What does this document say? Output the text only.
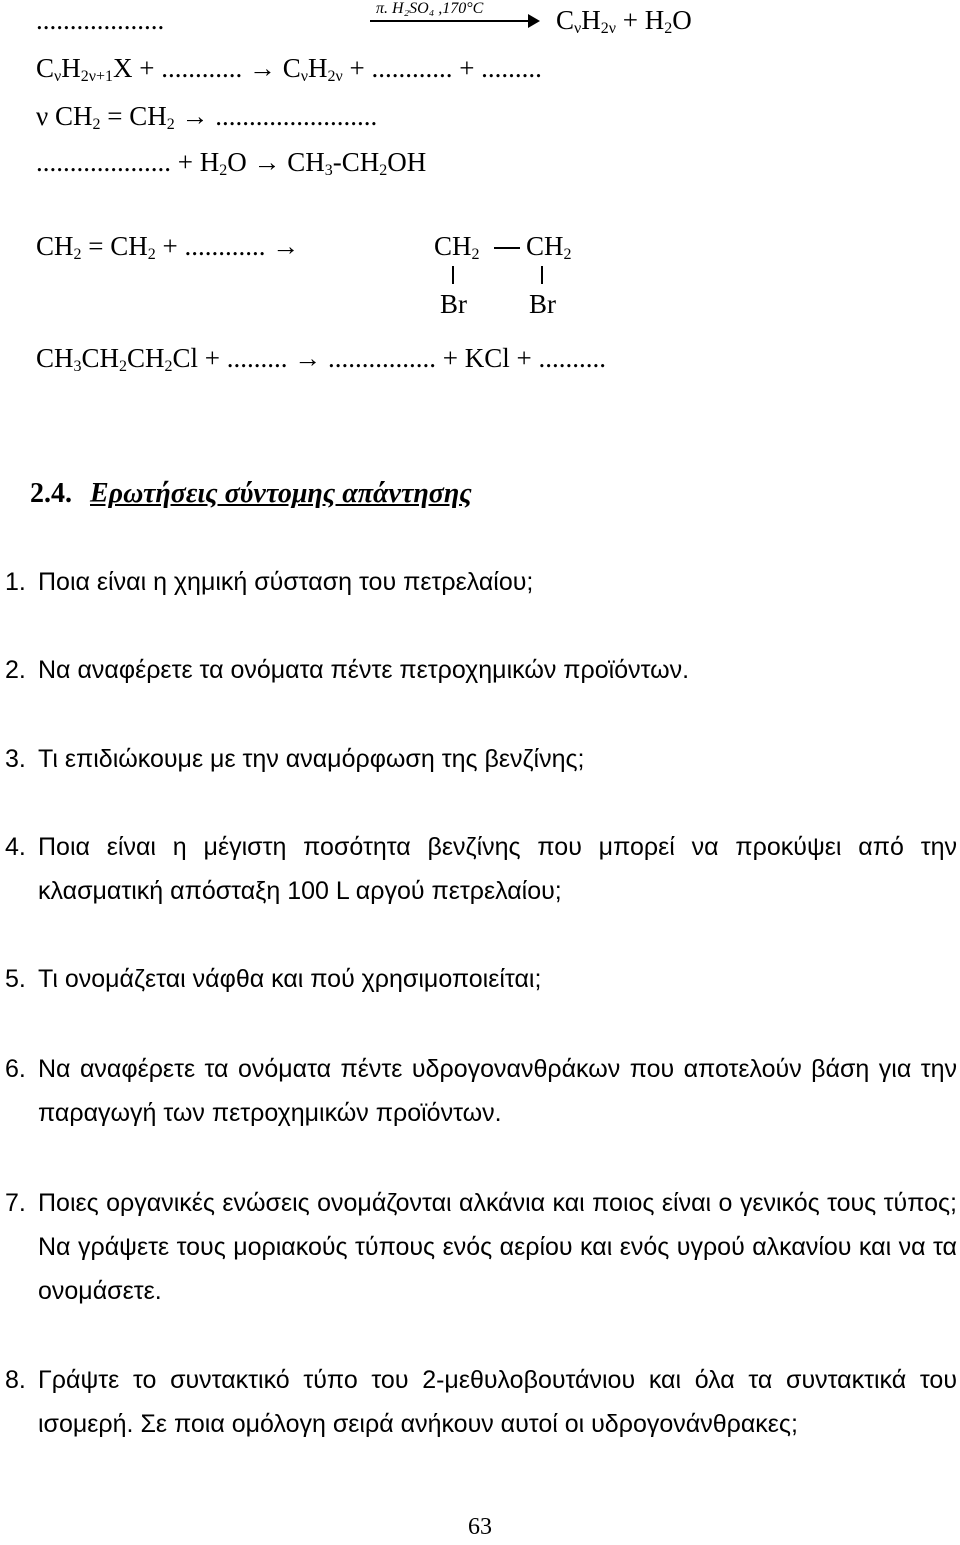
...................	π. H₂SO₄ ,170°C	$C_\nu H_{2\nu} + H_2O$
$C_\nu H_{2\nu+1}X$ + ............ → $C_\nu H_{2\nu}$ + ............ + .........
ν $CH_2 = CH_2$ → ........................
.................... + $H_2O \to CH_3-CH_2OH$
$CH_2 = CH_2$ + ............ →	$CH_2$ $CH_2$
Br Br
$CH_3CH_2CH_2Cl$ + ......... → ................ + KCl + ..........
2.4. Ερωτήσεις σύντομης απάντησης
1. Ποια είναι η χημική σύσταση του πετρελαίου;
2. Να αναφέρετε τα ονόματα πέντε πετροχημικών προϊόντων.
3. Τι επιδιώκουμε με την αναμόρφωση της βενζίνης;
4. Ποια είναι η μέγιστη ποσότητα βενζίνης που μπορεί να προκύψει από την κλασματική απόσταξη 100 L αργού πετρελαίου;
5. Τι ονομάζεται νάφθα και πού χρησιμοποιείται;
6. Να αναφέρετε τα ονόματα πέντε υδρογονανθράκων που αποτελούν βάση για την παραγωγή των πετροχημικών προϊόντων.
7. Ποιες οργανικές ενώσεις ονομάζονται αλκάνια και ποιος είναι ο γενικός τους τύπος; Να γράψετε τους μοριακούς τύπους ενός αερίου και ενός υγρού αλκανίου και να τα ονομάσετε.
8. Γράψτε το συντακτικό τύπο του 2-μεθυλοβουτάνιου και όλα τα συντακτικά του ισομερή. Σε ποια ομόλογη σειρά ανήκουν αυτοί οι υδρογονάνθρακες;
63
